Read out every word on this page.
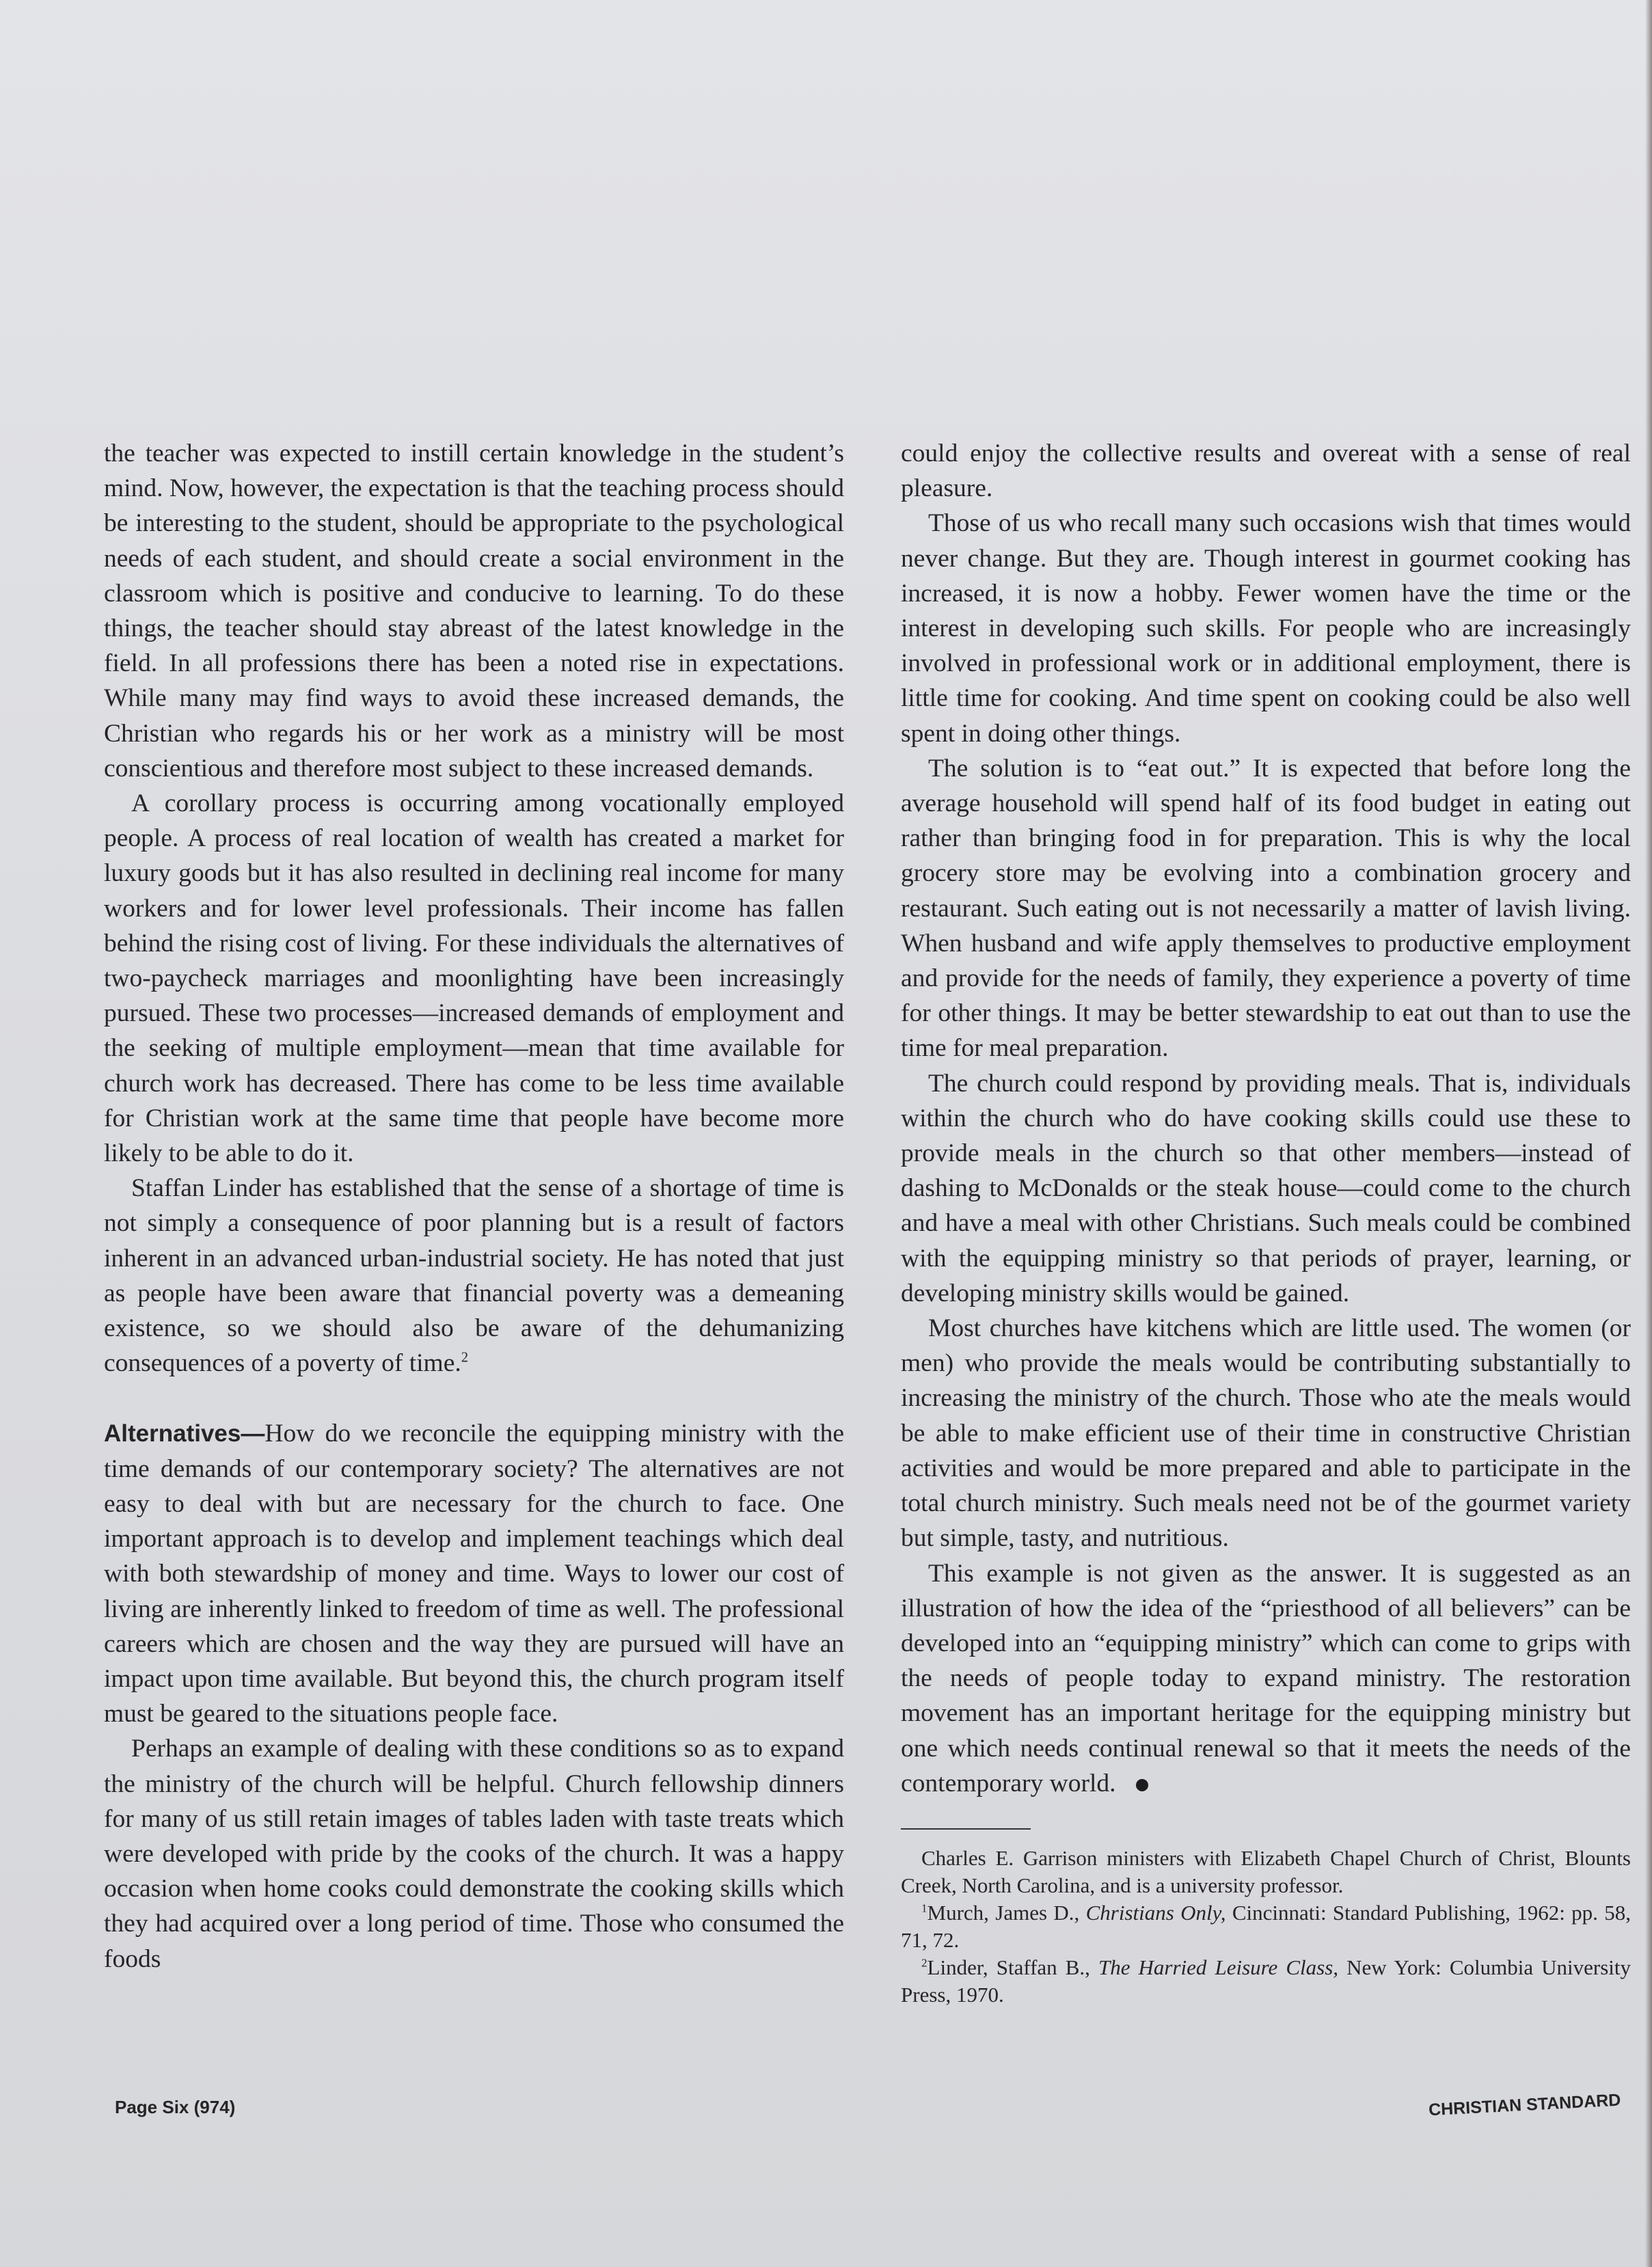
the teacher was expected to instill certain knowledge in the student’s mind. Now, however, the expectation is that the teaching process should be interesting to the student, should be appropriate to the psychological needs of each student, and should create a social environment in the classroom which is positive and conducive to learning. To do these things, the teacher should stay abreast of the latest knowledge in the field. In all professions there has been a noted rise in expectations. While many may find ways to avoid these increased demands, the Christian who regards his or her work as a ministry will be most conscientious and therefore most subject to these increased demands.

A corollary process is occurring among vocationally employed people. A process of real location of wealth has created a market for luxury goods but it has also resulted in declining real income for many workers and for lower level professionals. Their income has fallen behind the rising cost of living. For these individuals the alternatives of two-paycheck marriages and moonlighting have been increasingly pursued. These two processes—increased demands of employment and the seeking of multiple employment—mean that time available for church work has decreased. There has come to be less time available for Christian work at the same time that people have become more likely to be able to do it.

Staffan Linder has established that the sense of a shortage of time is not simply a consequence of poor planning but is a result of factors inherent in an advanced urban-industrial society. He has noted that just as people have been aware that financial poverty was a demeaning existence, so we should also be aware of the dehumanizing consequences of a poverty of time.$^2$

Alternatives—How do we reconcile the equipping ministry with the time demands of our contemporary society? The alternatives are not easy to deal with but are necessary for the church to face. One important approach is to develop and implement teachings which deal with both stewardship of money and time. Ways to lower our cost of living are inherently linked to freedom of time as well. The professional careers which are chosen and the way they are pursued will have an impact upon time available. But beyond this, the church program itself must be geared to the situations people face.

Perhaps an example of dealing with these conditions so as to expand the ministry of the church will be helpful. Church fellowship dinners for many of us still retain images of tables laden with taste treats which were developed with pride by the cooks of the church. It was a happy occasion when home cooks could demonstrate the cooking skills which they had acquired over a long period of time. Those who consumed the foods

could enjoy the collective results and overeat with a sense of real pleasure.

Those of us who recall many such occasions wish that times would never change. But they are. Though interest in gourmet cooking has increased, it is now a hobby. Fewer women have the time or the interest in developing such skills. For people who are increasingly involved in professional work or in additional employment, there is little time for cooking. And time spent on cooking could be also well spent in doing other things.

The solution is to “eat out.” It is expected that before long the average household will spend half of its food budget in eating out rather than bringing food in for preparation. This is why the local grocery store may be evolving into a combination grocery and restaurant. Such eating out is not necessarily a matter of lavish living. When husband and wife apply themselves to productive employment and provide for the needs of family, they experience a poverty of time for other things. It may be better stewardship to eat out than to use the time for meal preparation.

The church could respond by providing meals. That is, individuals within the church who do have cooking skills could use these to provide meals in the church so that other members—instead of dashing to McDonalds or the steak house—could come to the church and have a meal with other Christians. Such meals could be combined with the equipping ministry so that periods of prayer, learning, or developing ministry skills would be gained.

Most churches have kitchens which are little used. The women (or men) who provide the meals would be contributing substantially to increasing the ministry of the church. Those who ate the meals would be able to make efficient use of their time in constructive Christian activities and would be more prepared and able to participate in the total church ministry. Such meals need not be of the gourmet variety but simple, tasty, and nutritious.

This example is not given as the answer. It is suggested as an illustration of how the idea of the “priesthood of all believers” can be developed into an “equipping ministry” which can come to grips with the needs of people today to expand ministry. The restoration movement has an important heritage for the equipping ministry but one which needs continual renewal so that it meets the needs of the contemporary world.

Charles E. Garrison ministers with Elizabeth Chapel Church of Christ, Blounts Creek, North Carolina, and is a university professor.

$^1$Murch, James D., Christians Only, Cincinnati: Standard Publishing, 1962: pp. 58, 71, 72.

$^2$Linder, Staffan B., The Harried Leisure Class, New York: Columbia University Press, 1970.

Page Six (974)	CHRISTIAN STANDARD
